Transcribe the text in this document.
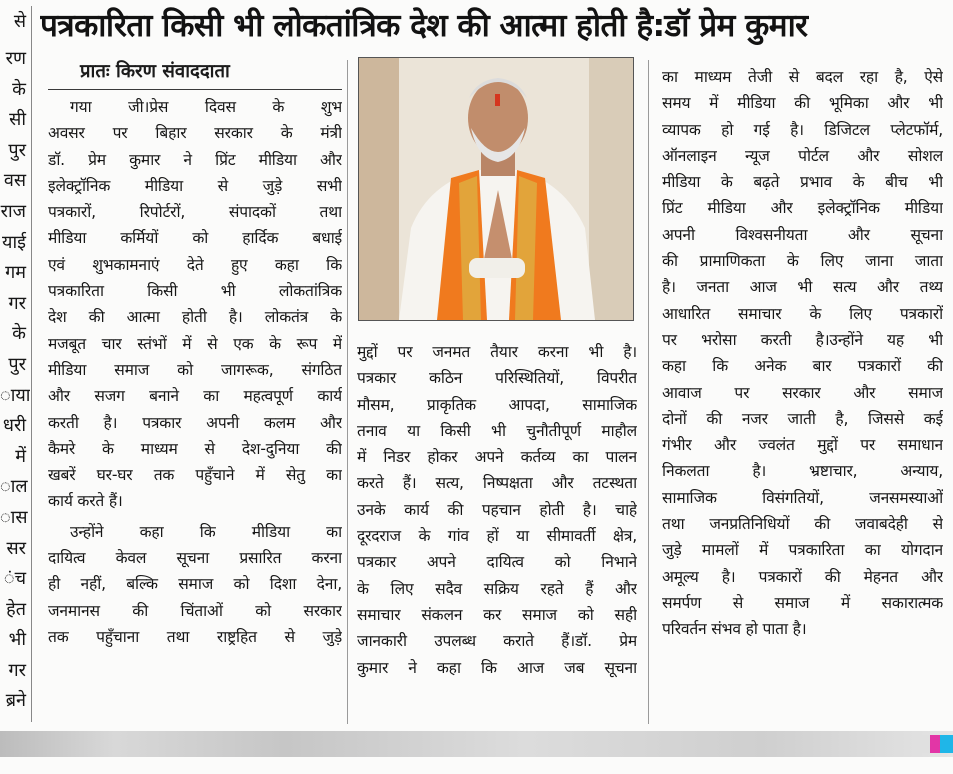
से
रण
के
सी
पुर
वस
राज
याई
गम
गर
के
पुर
ाया
धरी
में
ाल
ास
सर
ंच
हेत
भी
गर
ब्रने
पत्रकारिता किसी भी लोकतांत्रिक देश की आत्मा होती है:डॉ प्रेम कुमार
प्रातः किरण संवाददाता
गया जी।प्रेस दिवस के शुभ
अवसर पर बिहार सरकार के मंत्री
डॉ. प्रेम कुमार ने प्रिंट मीडिया और
इलेक्ट्रॉनिक मीडिया से जुड़े सभी
पत्रकारों, रिपोर्टरों, संपादकों तथा
मीडिया कर्मियों को हार्दिक बधाई
एवं शुभकामनाएं देते हुए कहा कि
पत्रकारिता किसी भी लोकतांत्रिक
देश की आत्मा होती है। लोकतंत्र के
मजबूत चार स्तंभों में से एक के रूप में
मीडिया समाज को जागरूक, संगठित
और सजग बनाने का महत्वपूर्ण कार्य
करती है। पत्रकार अपनी कलम और
कैमरे के माध्यम से देश-दुनिया की
खबरें घर-घर तक पहुँचाने में सेतु का
कार्य करते हैं।
उन्होंने कहा कि मीडिया का
दायित्व केवल सूचना प्रसारित करना
ही नहीं, बल्कि समाज को दिशा देना,
जनमानस की चिंताओं को सरकार
तक पहुँचाना तथा राष्ट्रहित से जुड़े
मुद्दों पर जनमत तैयार करना भी है।
पत्रकार कठिन परिस्थितियों, विपरीत
मौसम, प्राकृतिक आपदा, सामाजिक
तनाव या किसी भी चुनौतीपूर्ण माहौल
में निडर होकर अपने कर्तव्य का पालन
करते हैं। सत्य, निष्पक्षता और तटस्थता
उनके कार्य की पहचान होती है। चाहे
दूरदराज के गांव हों या सीमावर्ती क्षेत्र,
पत्रकार अपने दायित्व को निभाने
के लिए सदैव सक्रिय रहते हैं और
समाचार संकलन कर समाज को सही
जानकारी उपलब्ध कराते हैं।डॉ. प्रेम
कुमार ने कहा कि आज जब सूचना
का माध्यम तेजी से बदल रहा है, ऐसे
समय में मीडिया की भूमिका और भी
व्यापक हो गई है। डिजिटल प्लेटफॉर्म,
ऑनलाइन न्यूज पोर्टल और सोशल
मीडिया के बढ़ते प्रभाव के बीच भी
प्रिंट मीडिया और इलेक्ट्रॉनिक मीडिया
अपनी विश्वसनीयता और सूचना
की प्रामाणिकता के लिए जाना जाता
है। जनता आज भी सत्य और तथ्य
आधारित समाचार के लिए पत्रकारों
पर भरोसा करती है।उन्होंने यह भी
कहा कि अनेक बार पत्रकारों की
आवाज पर सरकार और समाज
दोनों की नजर जाती है, जिससे कई
गंभीर और ज्वलंत मुद्दों पर समाधान
निकलता है। भ्रष्टाचार, अन्याय,
सामाजिक विसंगतियों, जनसमस्याओं
तथा जनप्रतिनिधियों की जवाबदेही से
जुड़े मामलों में पत्रकारिता का योगदान
अमूल्य है। पत्रकारों की मेहनत और
समर्पण से समाज में सकारात्मक
परिवर्तन संभव हो पाता है।
